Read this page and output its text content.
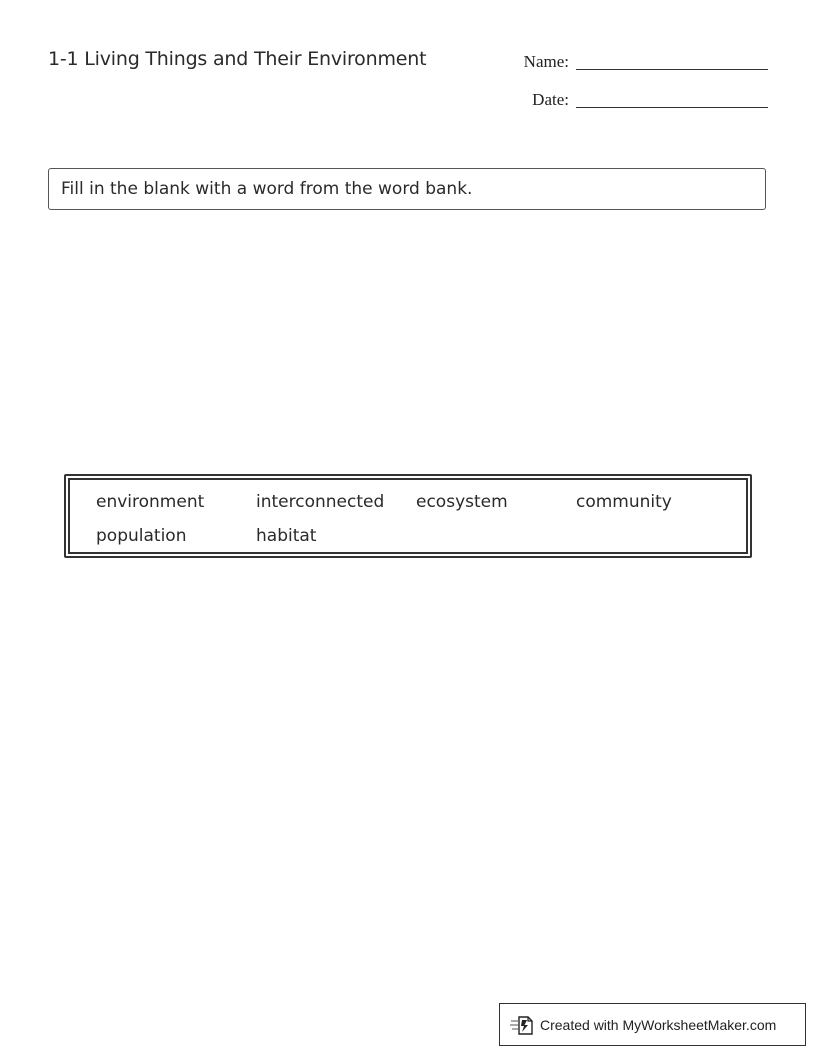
1-1 Living Things and Their Environment	Name:
Date:
Fill in the blank with a word from the word bank.
environment	interconnected	ecosystem	community
population	habitat
Created with MyWorksheetMaker.com
